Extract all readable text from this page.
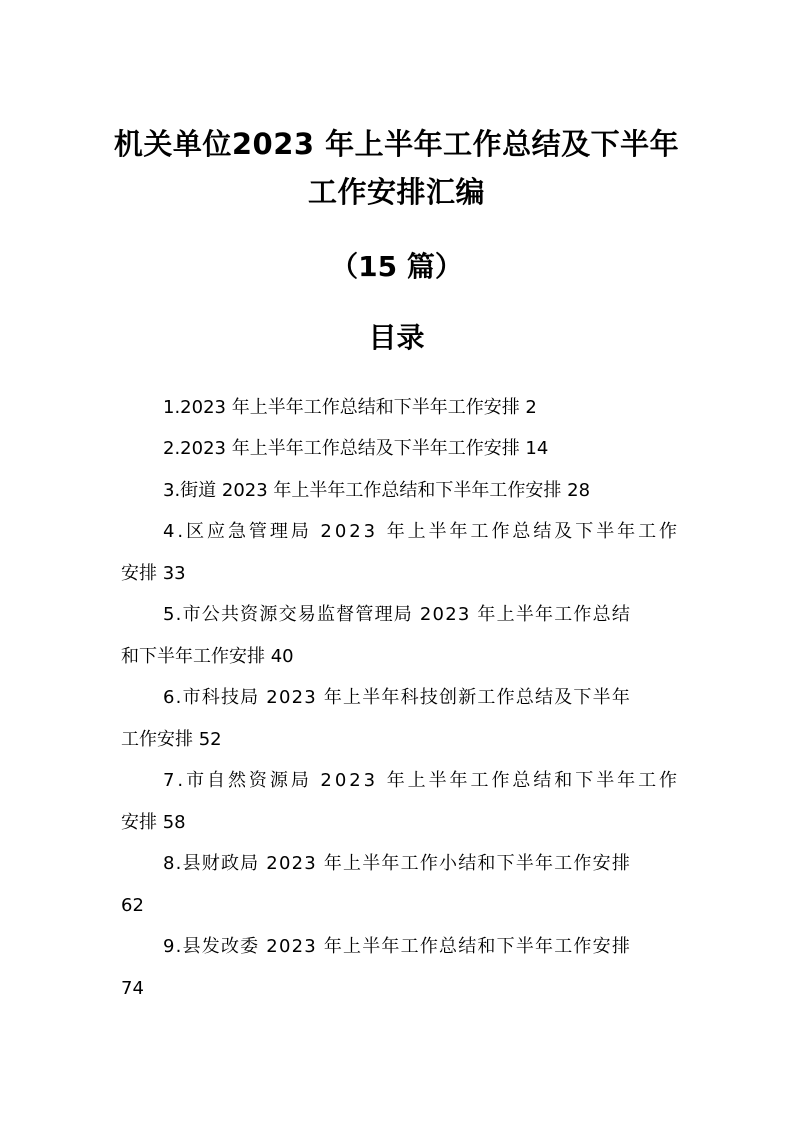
机关单位2023 年上半年工作总结及下半年
工作安排汇编
（15 篇）
目录
1.2023 年上半年工作总结和下半年工作安排 2
2.2023 年上半年工作总结及下半年工作安排 14
3.街道 2023 年上半年工作总结和下半年工作安排 28
4.区应急管理局 2023 年上半年工作总结及下半年工作
安排 33
5.市公共资源交易监督管理局 2023 年上半年工作总结
和下半年工作安排 40
6.市科技局 2023 年上半年科技创新工作总结及下半年
工作安排 52
7.市自然资源局 2023 年上半年工作总结和下半年工作
安排 58
8.县财政局 2023 年上半年工作小结和下半年工作安排
62
9.县发改委 2023 年上半年工作总结和下半年工作安排
74
